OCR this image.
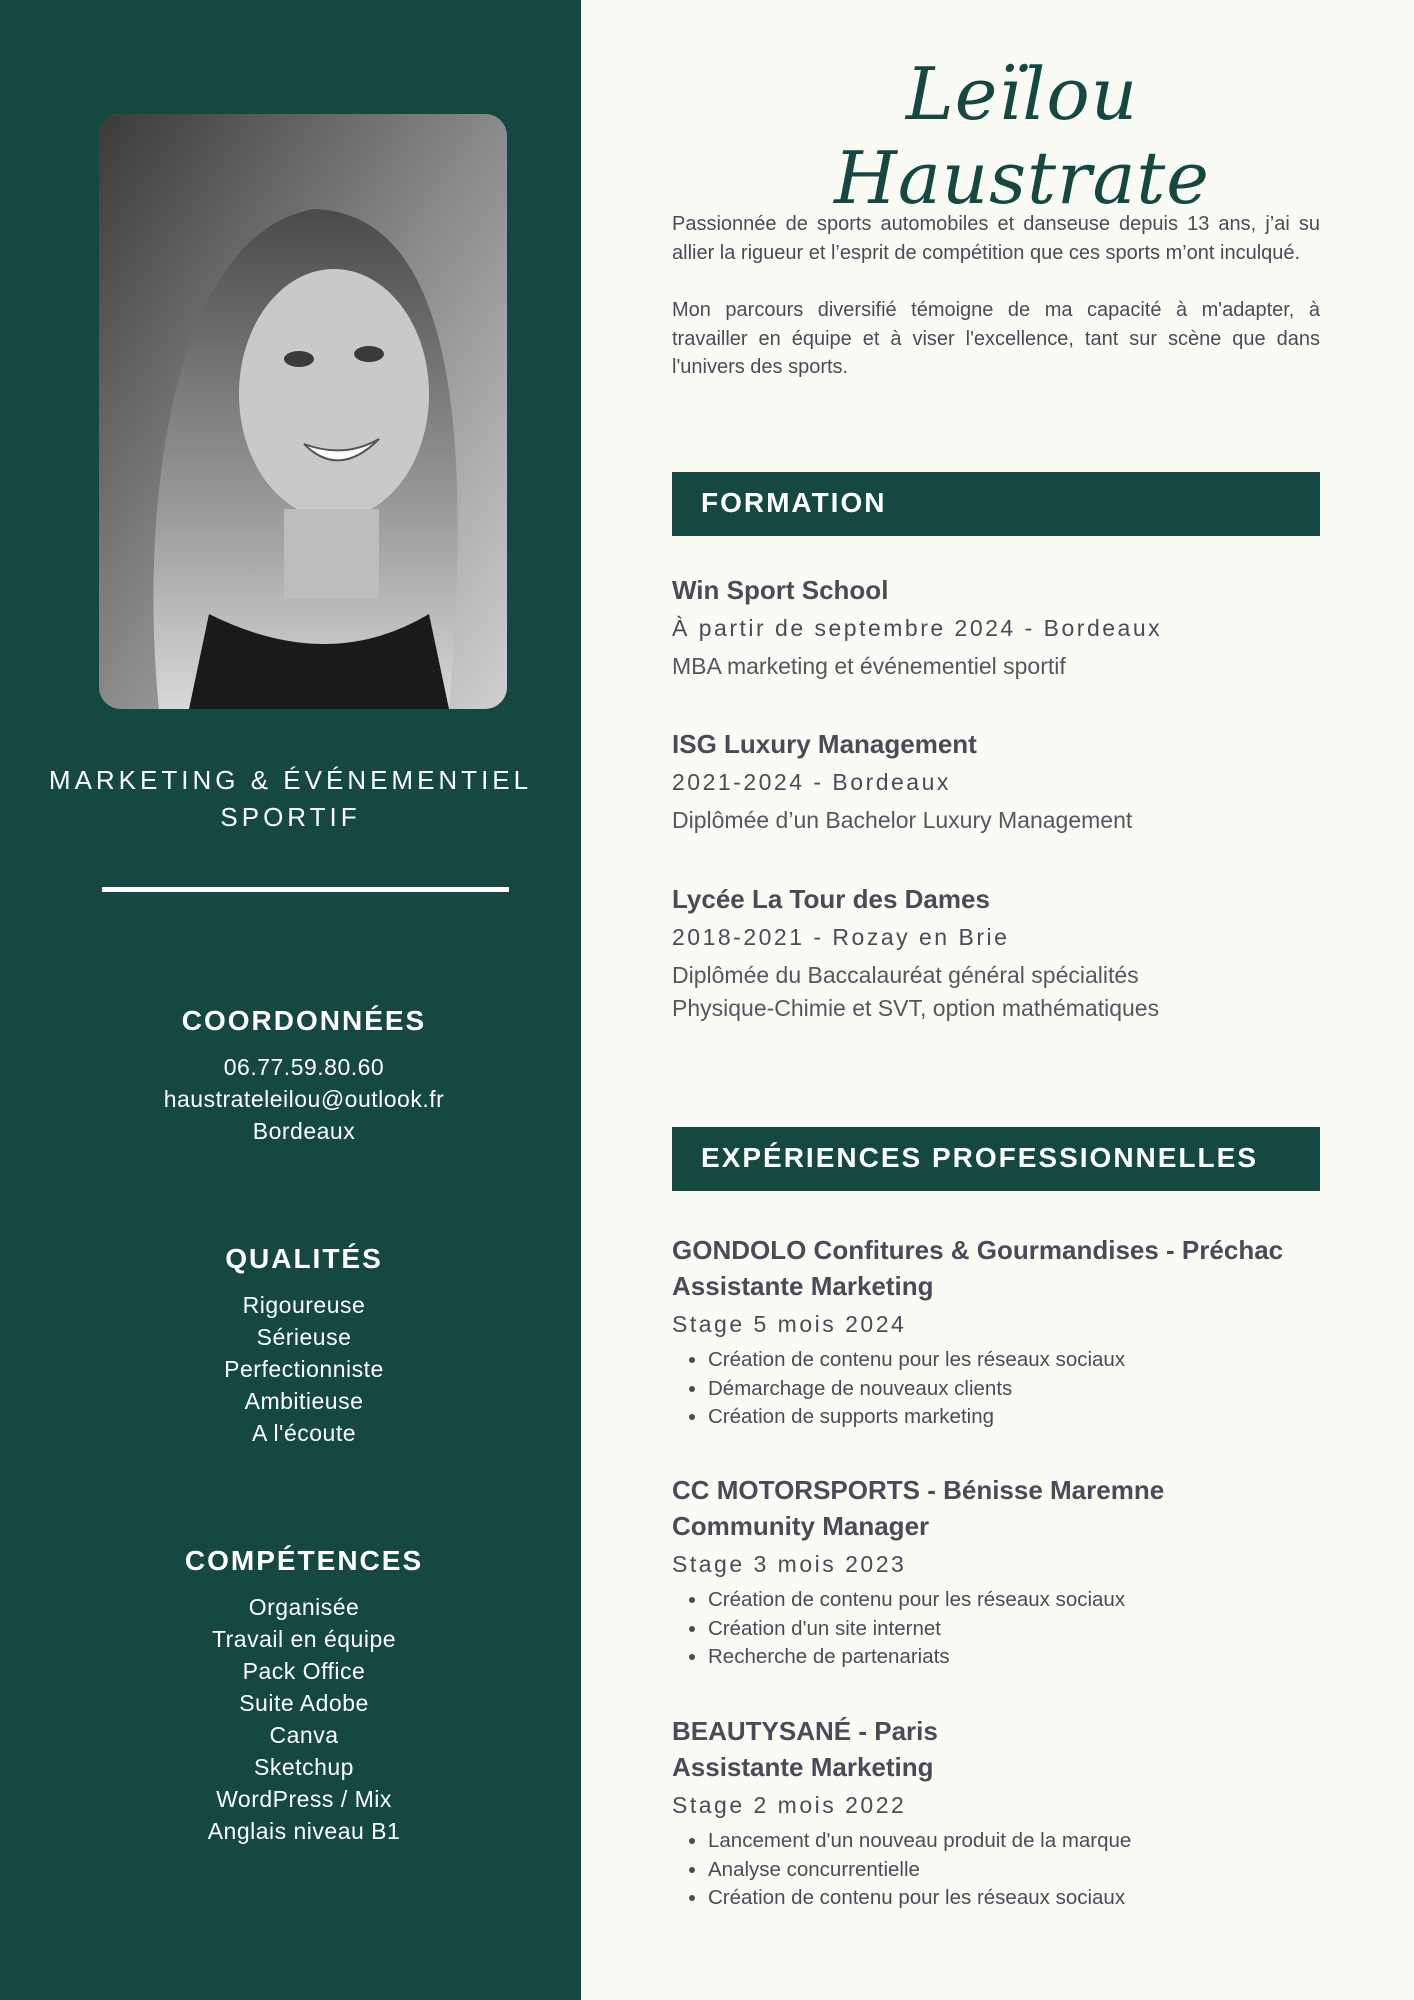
MARKETING & ÉVÉNEMENTIEL
SPORTIF
COORDONNÉES
06.77.59.80.60
haustrateleilou@outlook.fr
Bordeaux
QUALITÉS
Rigoureuse
Sérieuse
Perfectionniste
Ambitieuse
A l'écoute
COMPÉTENCES
Organisée
Travail en équipe
Pack Office
Suite Adobe
Canva
Sketchup
WordPress / Mix
Anglais niveau B1
Leïlou Haustrate

Passionnée de sports automobiles et danseuse depuis 13 ans, j’ai su allier la rigueur et l’esprit de compétition que ces sports m’ont inculqué.

Mon parcours diversifié témoigne de ma capacité à m'adapter, à travailler en équipe et à viser l'excellence, tant sur scène que dans l'univers des sports.

FORMATION
Win Sport School
À partir de septembre 2024 - Bordeaux
MBA marketing et événementiel sportif
ISG Luxury Management
2021-2024 - Bordeaux
Diplômée d’un Bachelor Luxury Management
Lycée La Tour des Dames
2018-2021 - Rozay en Brie
Diplômée du Baccalauréat général spécialités Physique-Chimie et SVT, option mathématiques
EXPÉRIENCES PROFESSIONNELLES
GONDOLO Confitures & Gourmandises - Préchac
Assistante Marketing
Stage 5 mois 2024
• Création de contenu pour les réseaux sociaux
• Démarchage de nouveaux clients
• Création de supports marketing
CC MOTORSPORTS - Bénisse Maremne
Community Manager
Stage 3 mois 2023
• Création de contenu pour les réseaux sociaux
• Création d'un site internet
• Recherche de partenariats
BEAUTYSANÉ - Paris
Assistante Marketing
Stage 2 mois 2022
• Lancement d'un nouveau produit de la marque
• Analyse concurrentielle
• Création de contenu pour les réseaux sociaux
